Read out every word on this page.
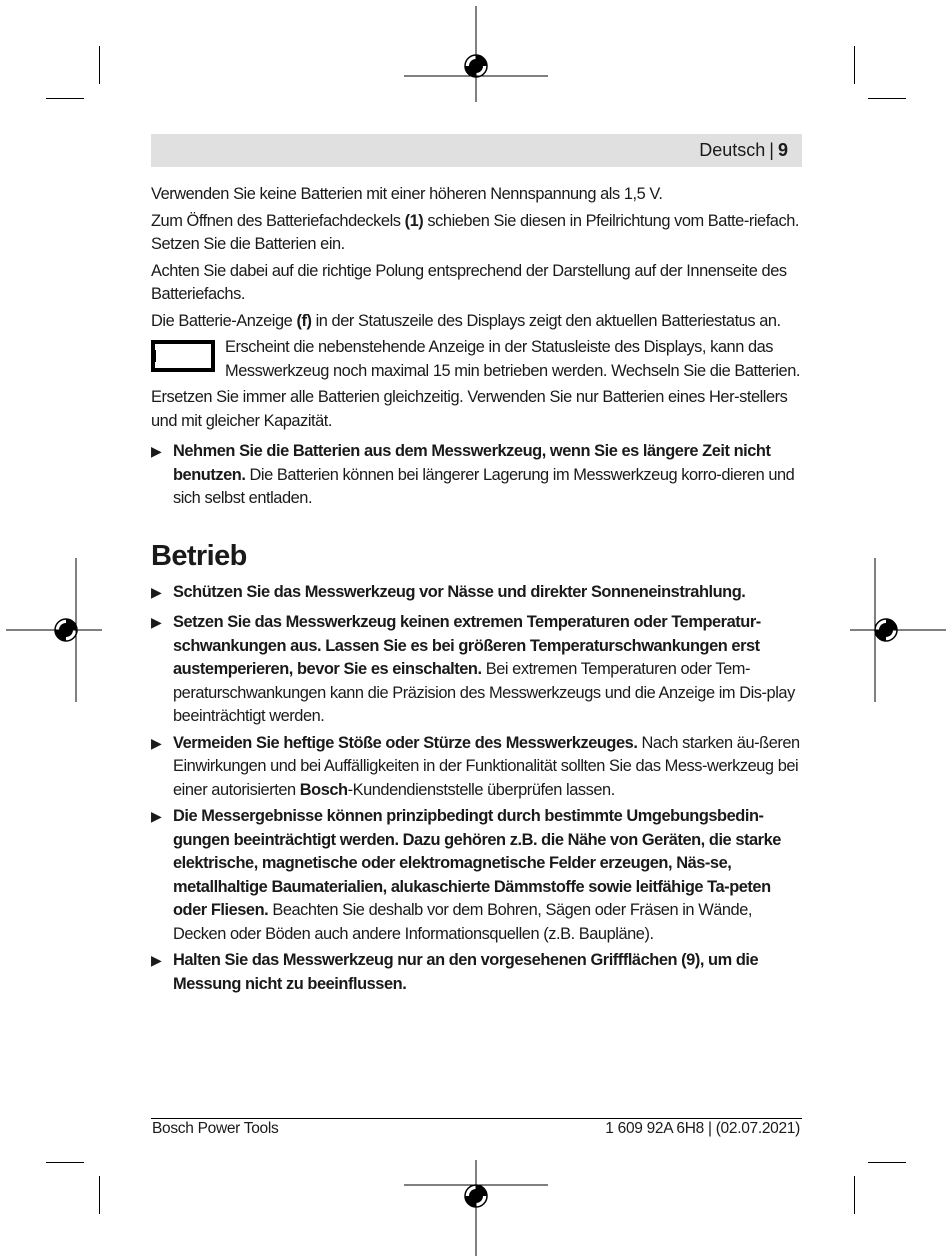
Deutsch | 9

Verwenden Sie keine Batterien mit einer höheren Nennspannung als 1,5 V.

Zum Öffnen des Batteriefachdeckels (1) schieben Sie diesen in Pfeilrichtung vom Batte-riefach. Setzen Sie die Batterien ein.

Achten Sie dabei auf die richtige Polung entsprechend der Darstellung auf der Innenseite des Batteriefachs.

Die Batterie-Anzeige (f) in der Statuszeile des Displays zeigt den aktuellen Batteriestatus an.

Erscheint die nebenstehende Anzeige in der Statusleiste des Displays, kann das Messwerkzeug noch maximal 15 min betrieben werden. Wechseln Sie die Batterien.

Ersetzen Sie immer alle Batterien gleichzeitig. Verwenden Sie nur Batterien eines Her-stellers und mit gleicher Kapazität.

▶ Nehmen Sie die Batterien aus dem Messwerkzeug, wenn Sie es längere Zeit nicht benutzen. Die Batterien können bei längerer Lagerung im Messwerkzeug korro-dieren und sich selbst entladen.
Betrieb
▶ Schützen Sie das Messwerkzeug vor Nässe und direkter Sonneneinstrahlung.
▶ Setzen Sie das Messwerkzeug keinen extremen Temperaturen oder Temperatur-schwankungen aus. Lassen Sie es bei größeren Temperaturschwankungen erst austemperieren, bevor Sie es einschalten. Bei extremen Temperaturen oder Tem-peraturschwankungen kann die Präzision des Messwerkzeugs und die Anzeige im Dis-play beeinträchtigt werden.
▶ Vermeiden Sie heftige Stöße oder Stürze des Messwerkzeuges. Nach starken äu-ßeren Einwirkungen und bei Auffälligkeiten in der Funktionalität sollten Sie das Mess-werkzeug bei einer autorisierten Bosch-Kundendienststelle überprüfen lassen.
▶ Die Messergebnisse können prinzipbedingt durch bestimmte Umgebungsbedin-gungen beeinträchtigt werden. Dazu gehören z.B. die Nähe von Geräten, die starke elektrische, magnetische oder elektromagnetische Felder erzeugen, Näs-se, metallhaltige Baumaterialien, alukaschierte Dämmstoffe sowie leitfähige Ta-peten oder Fliesen. Beachten Sie deshalb vor dem Bohren, Sägen oder Fräsen in Wände, Decken oder Böden auch andere Informationsquellen (z.B. Baupläne).
▶ Halten Sie das Messwerkzeug nur an den vorgesehenen Griffflächen (9), um die Messung nicht zu beeinflussen.
Bosch Power Tools	1 609 92A 6H8 | (02.07.2021)
